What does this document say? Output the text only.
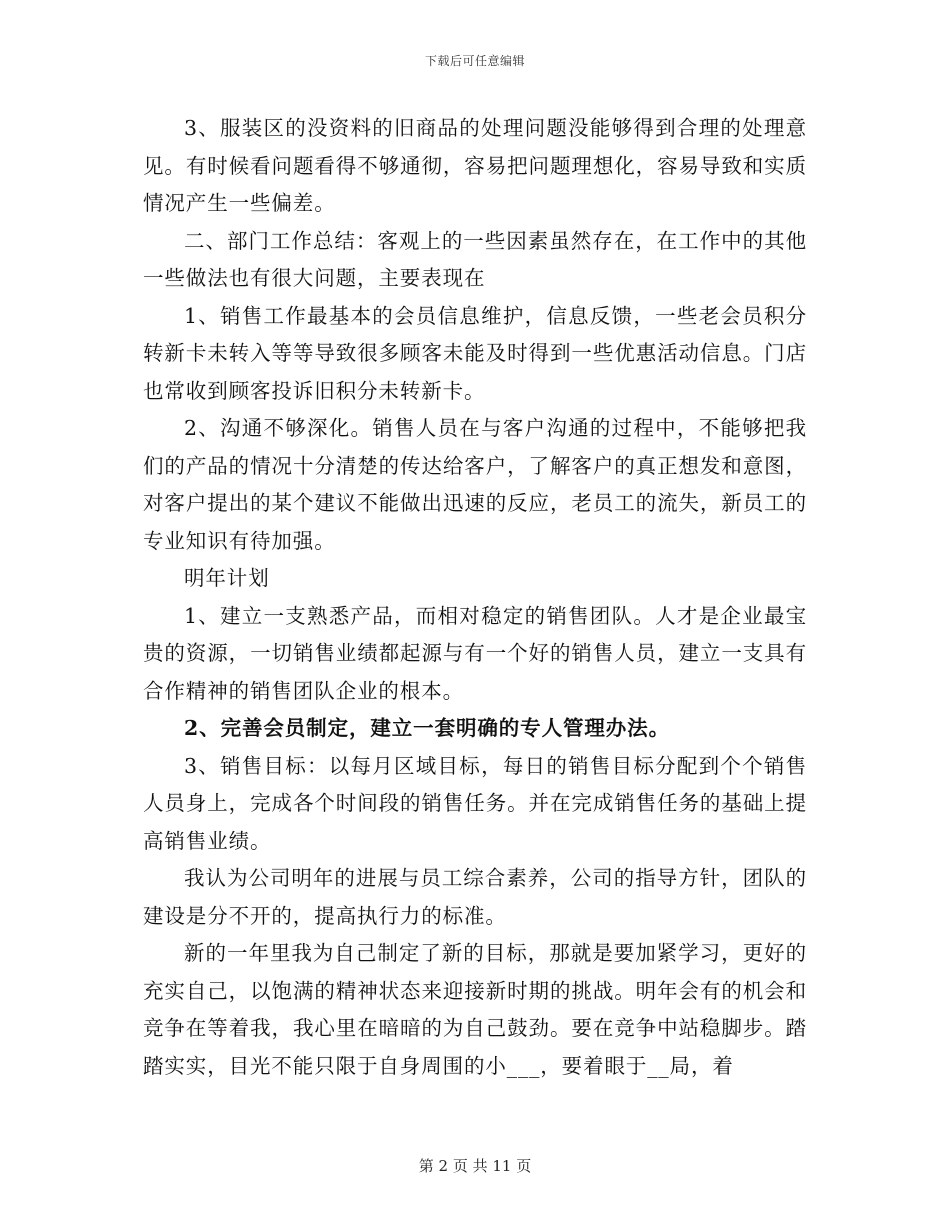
下载后可任意编辑

3、服装区的没资料的旧商品的处理问题没能够得到合理的处理意见。有时候看问题看得不够通彻，容易把问题理想化，容易导致和实质情况产生一些偏差。

二、部门工作总结：客观上的一些因素虽然存在，在工作中的其他一些做法也有很大问题，主要表现在

1、销售工作最基本的会员信息维护，信息反馈，一些老会员积分转新卡未转入等等导致很多顾客未能及时得到一些优惠活动信息。门店也常收到顾客投诉旧积分未转新卡。

2、沟通不够深化。销售人员在与客户沟通的过程中，不能够把我们的产品的情况十分清楚的传达给客户，了解客户的真正想发和意图，对客户提出的某个建议不能做出迅速的反应，老员工的流失，新员工的专业知识有待加强。

明年计划

1、建立一支熟悉产品，而相对稳定的销售团队。人才是企业最宝贵的资源，一切销售业绩都起源与有一个好的销售人员，建立一支具有合作精神的销售团队企业的根本。

2、完善会员制定，建立一套明确的专人管理办法。

3、销售目标：以每月区域目标，每日的销售目标分配到个个销售人员身上，完成各个时间段的销售任务。并在完成销售任务的基础上提高销售业绩。

我认为公司明年的进展与员工综合素养，公司的指导方针，团队的建设是分不开的，提高执行力的标准。

新的一年里我为自己制定了新的目标，那就是要加紧学习，更好的充实自己，以饱满的精神状态来迎接新时期的挑战。明年会有的机会和竞争在等着我，我心里在暗暗的为自己鼓劲。要在竞争中站稳脚步。踏踏实实，目光不能只限于自身周围的小___，要着眼于__局，着

第 2 页 共 11 页
